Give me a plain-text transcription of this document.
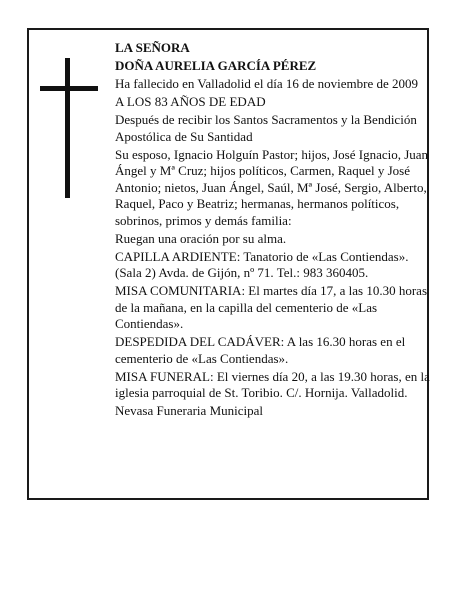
LA SEÑORA

DOÑA AURELIA GARCÍA PÉREZ

Ha fallecido en Valladolid el día 16 de noviembre de 2009

A LOS 83 AÑOS DE EDAD

Después de recibir los Santos Sacramentos y la Bendición Apostólica de Su Santidad

Su esposo, Ignacio Holguín Pastor; hijos, José Ignacio, Juan Ángel y Mª Cruz; hijos políticos, Carmen, Raquel y José Antonio; nietos, Juan Ángel, Saúl, Mª José, Sergio, Alberto, Raquel, Paco y Beatriz; hermanas, hermanos políticos, sobrinos, primos y demás familia:

Ruegan una oración por su alma.

CAPILLA ARDIENTE: Tanatorio de «Las Contiendas». (Sala 2) Avda. de Gijón, nº 71. Tel.: 983 360405.

MISA COMUNITARIA: El martes día 17, a las 10.30 horas de la mañana, en la capilla del cementerio de «Las Contiendas».

DESPEDIDA DEL CADÁVER: A las 16.30 horas en el cementerio de «Las Contiendas».

MISA FUNERAL: El viernes día 20, a las 19.30 horas, en la iglesia parroquial de St. Toribio. C/. Hornija. Valladolid.

Nevasa Funeraria Municipal
